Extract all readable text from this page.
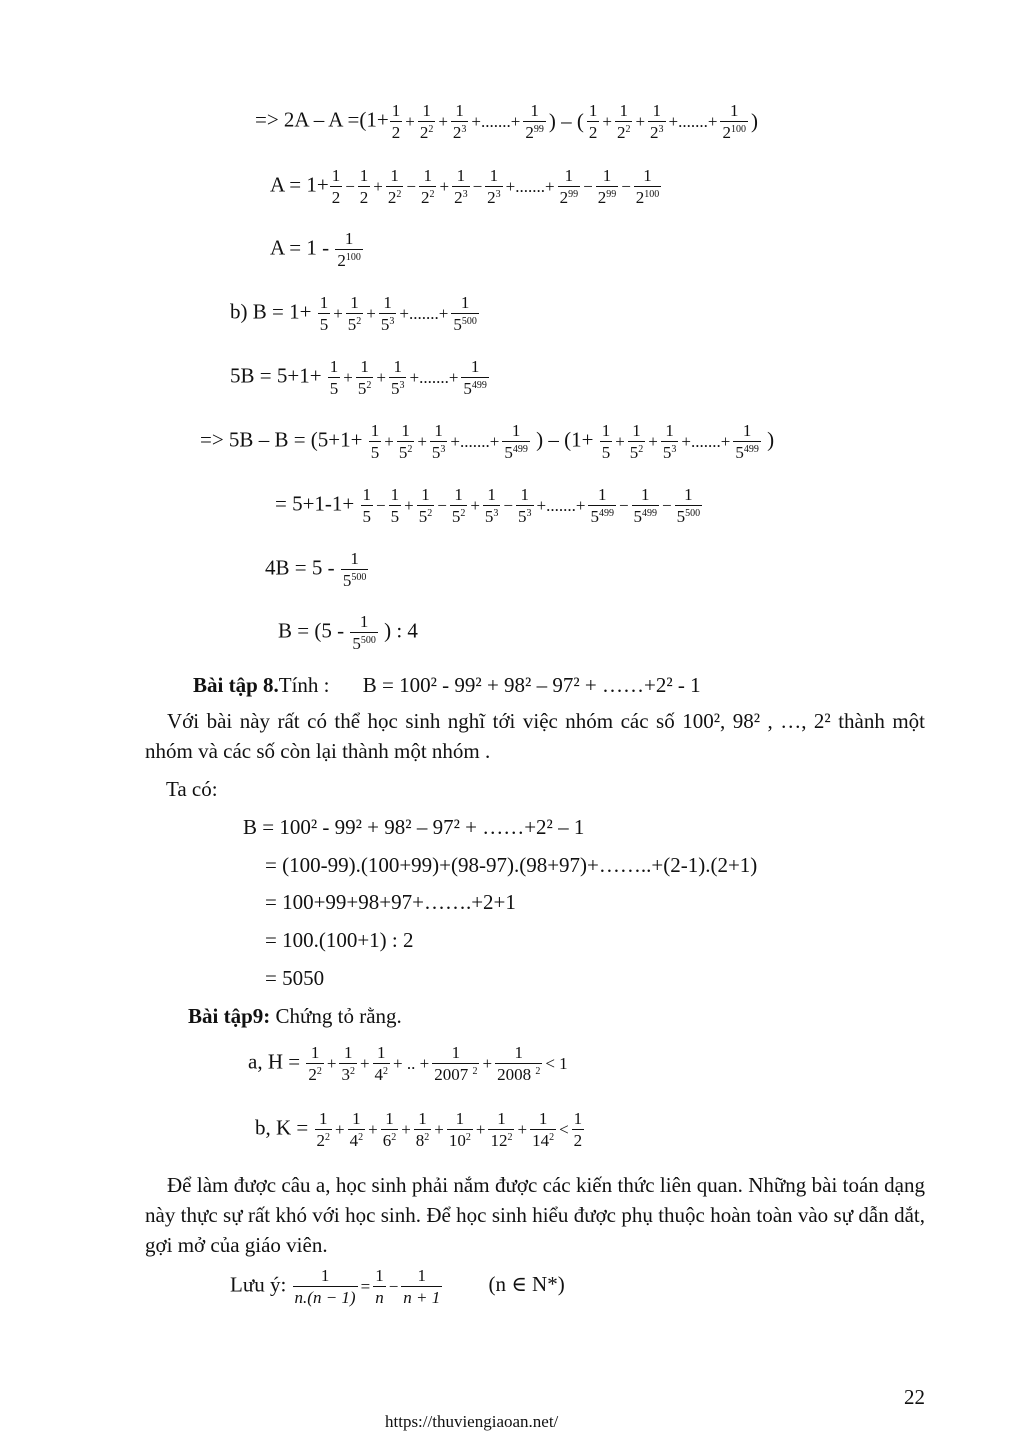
=> $2A - A =(1+ \frac{1}{2} + \frac{1}{2^2} + \frac{1}{2^3}$ +.......+ $\frac{1}{2^{99}}$ ) – ( $\frac{1}{2} + \frac{1}{2^2} + \frac{1}{2^3}$ +.......+ $\frac{1}{2^{100}}$ )
$A = 1+ \frac{1}{2} - \frac{1}{2} + \frac{1}{2^2} - \frac{1}{2^2} + \frac{1}{2^3} - \frac{1}{2^3}$ +.......+ $\frac{1}{2^{99}} - \frac{1}{2^{99}} - \frac{1}{2^{100}}$
$A = 1 - \frac{1}{2^{100}}$
b) $B = 1+ \frac{1}{5} + \frac{1}{5^2} + \frac{1}{5^3}$ +.......+ $\frac{1}{5^{500}}$
$5B = 5+1+ \frac{1}{5} + \frac{1}{5^2} + \frac{1}{5^3}$ +.......+ $\frac{1}{5^{499}}$
=> $5B - B = (5+1+ \frac{1}{5} + \frac{1}{5^2} + \frac{1}{5^3}$ +.......+ $\frac{1}{5^{499}}$ ) – ($1+ \frac{1}{5} + \frac{1}{5^2} + \frac{1}{5^3}$ +.......+ $\frac{1}{5^{499}}$ )
= $5+1-1+ \frac{1}{5} - \frac{1}{5} + \frac{1}{5^2} - \frac{1}{5^2} + \frac{1}{5^3} - \frac{1}{5^3}$ +.......+ $\frac{1}{5^{499}} - \frac{1}{5^{499}} - \frac{1}{5^{500}}$
$4B = 5 - \frac{1}{5^{500}}$
$B = (5 - \frac{1}{5^{500}}$ ) : 4
Bài tập 8.Tính : B = 100² - 99² + 98² – 97² + ……+2² - 1
Với bài này rất có thể học sinh nghĩ tới việc nhóm các số 100², 98² , …, 2² thành một nhóm và các số còn lại thành một nhóm .
Ta có:
B = 100² - 99² + 98² – 97² + ……+2² – 1
= (100-99).(100+99)+(98-97).(98+97)+……..+(2-1).(2+1)
= 100+99+98+97+…….+2+1
= 100.(100+1) : 2
= 5050
Bài tập9: Chứng tỏ rằng.
a, $H = \frac{1}{2^2} + \frac{1}{3^2} + \frac{1}{4^2}$ + .. + $\frac{1}{2007 ^2} + \frac{1}{2008 ^2} < 1$
b, $K = \frac{1}{2^2} + \frac{1}{4^2} + \frac{1}{6^2} + \frac{1}{8^2} + \frac{1}{10^2} + \frac{1}{12^2} + \frac{1}{14^2} < \frac{1}{2}$
Để làm được câu a, học sinh phải nắm được các kiến thức liên quan. Những bài toán dạng này thực sự rất khó với học sinh. Để học sinh hiểu được phụ thuộc hoàn toàn vào sự dẫn dắt, gợi mở của giáo viên.
Lưu ý: $\frac{1}{n.(n - 1)} = \frac{1}{n} - \frac{1}{n + 1} (n$ ∈ N*)
22
https://thuviengiaoan.net/
